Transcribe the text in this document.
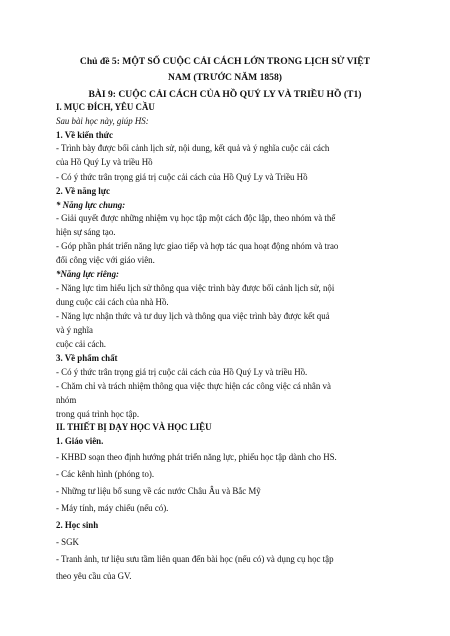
Chủ đề 5: MỘT SỐ CUỘC CẢI CÁCH LỚN TRONG LỊCH SỬ VIỆT
NAM (TRƯỚC NĂM 1858)
BÀI 9: CUỘC CẢI CÁCH CỦA HỒ QUÝ LY VÀ TRIỀU HỒ (T1)
I. MỤC ĐÍCH, YÊU CẦU
Sau bài học này, giúp HS:
1. Về kiến thức
- Trình bày được bối cảnh lịch sử, nội dung, kết quả và ý nghĩa cuộc cải cách
của Hồ Quý Ly và triều Hồ
- Có ý thức trân trọng giá trị cuộc cải cách của Hồ Quý Ly và Triều Hồ
2. Về năng lực
* Năng lực chung:
- Giải quyết được những nhiệm vụ học tập một cách độc lập, theo nhóm và thể
hiện sự sáng tạo.
- Góp phần phát triển năng lực giao tiếp và hợp tác qua hoạt động nhóm và trao
đổi công việc với giáo viên.
*Năng lực riêng:
- Năng lực tìm hiểu lịch sử thông qua việc trình bày được bối cảnh lịch sử, nội
dung cuộc cải cách của nhà Hồ.
- Năng lực nhận thức và tư duy lịch và thông qua việc trình bày được kết quả
và ý nghĩa
cuộc cải cách.
3. Về phẩm chất
- Có ý thức trân trọng giá trị cuộc cải cách của Hồ Quý Ly và triều Hồ.
- Chăm chỉ và trách nhiệm thông qua việc thực hiện các công việc cá nhân và
nhóm
trong quá trình học tập.
II. THIẾT BỊ DẠY HỌC VÀ HỌC LIỆU
1. Giáo viên.
- KHBD soạn theo định hướng phát triển năng lực, phiếu học tập dành cho HS.
- Các kênh hình (phóng to).
- Những tư liệu bổ sung về các nước Châu Âu và Bắc Mỹ
- Máy tính, máy chiếu (nếu có).
2. Học sinh
- SGK
- Tranh ảnh, tư liệu sưu tầm liên quan đến bài học (nếu có) và dụng cụ học tập
theo yêu cầu của GV.
